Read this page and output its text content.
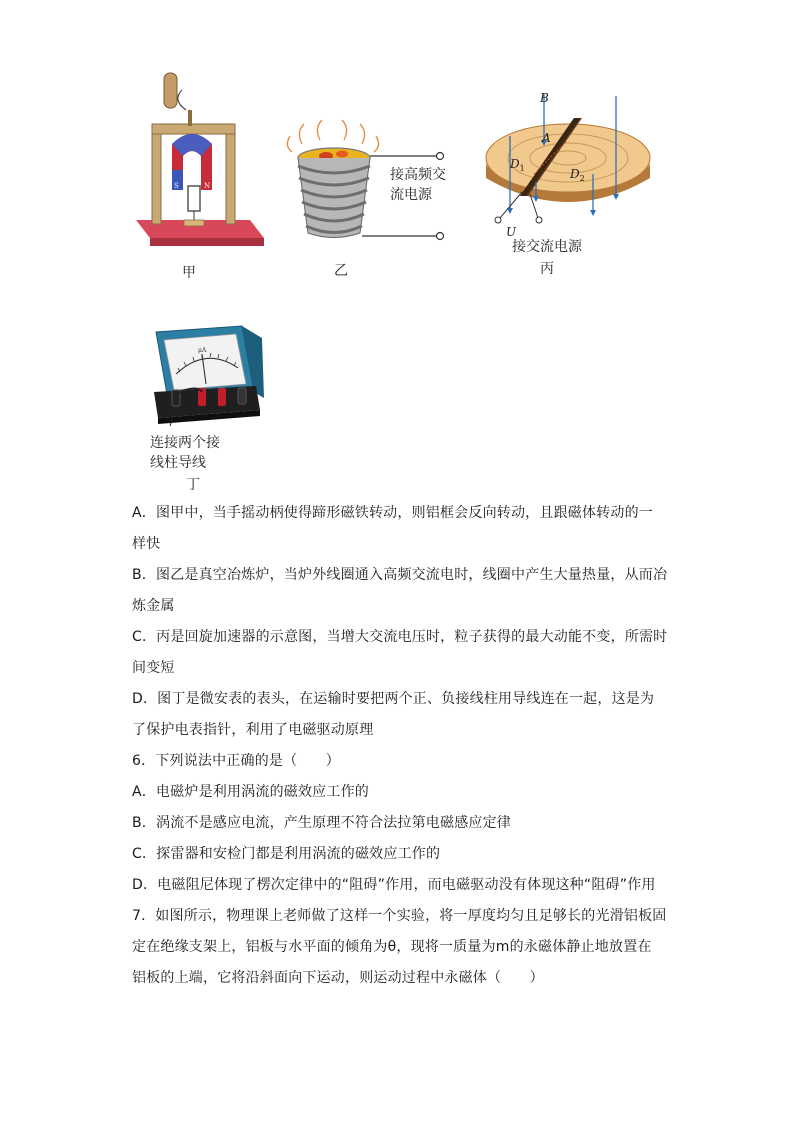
S	N
甲
接高频交
流电源
乙
B
A
$D_1$	$D_2$
U
接交流电源
丙
μA
连接两个接
线柱导线
丁

A．图甲中，当手摇动柄使得蹄形磁铁转动，则铝框会反向转动，且跟磁体转动的一

样快

B．图乙是真空冶炼炉，当炉外线圈通入高频交流电时，线圈中产生大量热量，从而冶

炼金属

C．丙是回旋加速器的示意图，当增大交流电压时，粒子获得的最大动能不变，所需时

间变短

D．图丁是微安表的表头，在运输时要把两个正、负接线柱用导线连在一起，这是为

了保护电表指针，利用了电磁驱动原理

6．下列说法中正确的是（　　）

A．电磁炉是利用涡流的磁效应工作的

B．涡流不是感应电流，产生原理不符合法拉第电磁感应定律

C．探雷器和安检门都是利用涡流的磁效应工作的

D．电磁阻尼体现了楞次定律中的“阻碍”作用，而电磁驱动没有体现这种“阻碍”作用

7．如图所示，物理课上老师做了这样一个实验，将一厚度均匀且足够长的光滑铝板固

定在绝缘支架上，铝板与水平面的倾角为θ，现将一质量为m的永磁体静止地放置在

铝板的上端，它将沿斜面向下运动，则运动过程中永磁体（　　）
